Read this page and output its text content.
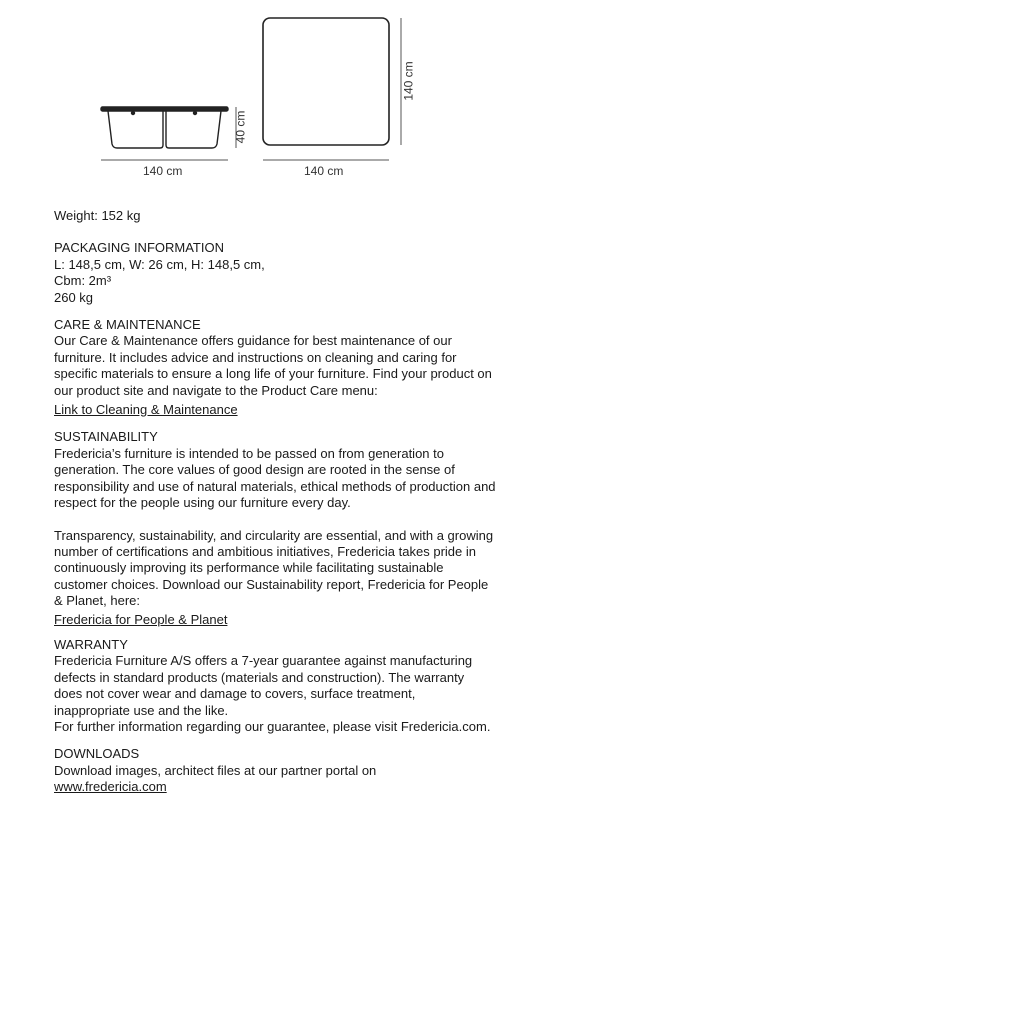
140 cm
40 cm
140 cm
140 cm

Weight: 152 kg

PACKAGING INFORMATION

L: 148,5 cm, W: 26 cm, H: 148,5 cm,

Cbm: 2m³

260 kg

CARE & MAINTENANCE

Our Care & Maintenance offers guidance for best maintenance of our

furniture. It includes advice and instructions on cleaning and caring for

specific materials to ensure a long life of your furniture. Find your product on

our product site and navigate to the Product Care menu:

Link to Cleaning & Maintenance

SUSTAINABILITY

Fredericia’s furniture is intended to be passed on from generation to

generation. The core values of good design are rooted in the sense of

responsibility and use of natural materials, ethical methods of production and

respect for the people using our furniture every day.

Transparency, sustainability, and circularity are essential, and with a growing

number of certifications and ambitious initiatives, Fredericia takes pride in

continuously improving its performance while facilitating sustainable

customer choices. Download our Sustainability report, Fredericia for People

& Planet, here:

Fredericia for People & Planet

WARRANTY

Fredericia Furniture A/S offers a 7-year guarantee against manufacturing

defects in standard products (materials and construction). The warranty

does not cover wear and damage to covers, surface treatment,

inappropriate use and the like.

For further information regarding our guarantee, please visit Fredericia.com.

DOWNLOADS

Download images, architect files at our partner portal on

www.fredericia.com
